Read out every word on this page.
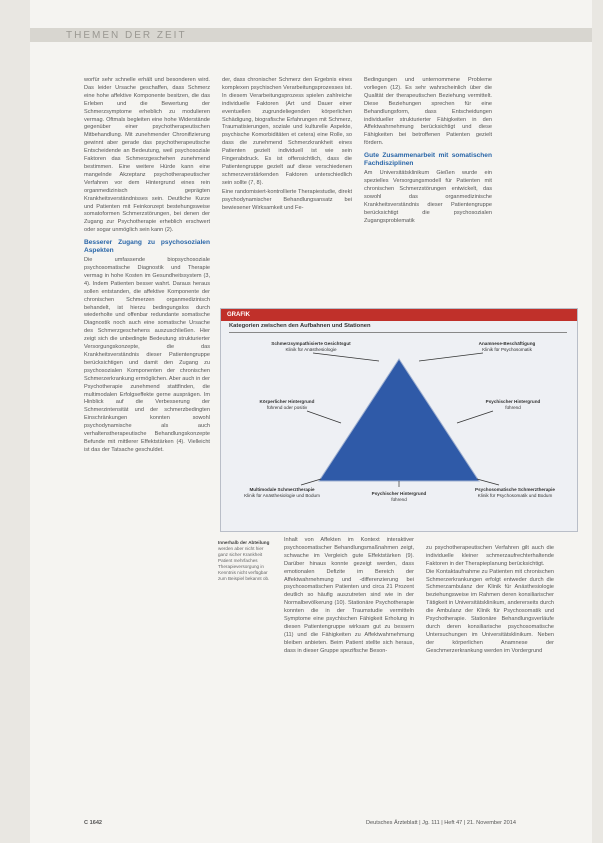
THEMEN DER ZEIT

worfür sehr schnelle erhält und besonderen wird. Das leider Ursache geschaffen, dass Schmerz eine hohe affektive Komponente besitzen, die das Erleben und die Bewertung der Schmerzsymptome erheblich zu modulieren vermag. Oftmals begleiten eine hohe Widerstände gegenüber einer psychotherapeutischen Mitbehandlung. Mit zunehmender Chronifizierung gewinnt aber gerade das psychotherapeutische Entscheidende an Bedeutung, weil psychosoziale Faktoren das Schmerzgeschehen zunehmend bestimmen. Eine weitere Hürde kann eine mangelnde Akzeptanz psychotherapeutischer Verfahren vor dem Hintergrund eines rein organmedizinisch geprägten Krankheitsverständnisses sein. Deutliche Kurze und Patienten mit Feinkonzept bestehungsweise somatoformen Schmerzstörungen, bei denen der Zugang zur Psychotherapie erheblich erschwert oder sogar unmöglich sein kann (2).

Besserer Zugang zu psychosozialen Aspekten

Die umfassende biopsychosoziale psychosomatische Diagnostik und Therapie vermag in hohe Kosten im Gesundheitssystem (3, 4). Indem Patienten besser wahrt. Daraus heraus sollen entstanden, die affektive Komponente der chronischen Schmerzen organmedizinisch behandelt, ist hierzu bedingungslos durch wiederholte und offenbar redundante somatische Diagnostik noch auch eine somatische Ursache des Schmerzgeschehens auszuschließen. Hier zeigt sich die unbedingte Bedeutung strukturierter Versorgungskonzepte, die das Krankheitsverständnis dieser Patientengruppe berücksichtigen und damit den Zugang zu psychosozialen Komponenten der chronischen Schmerzerkrankung ermöglichen. Aber auch in der Psychotherapie zunehmend stattfinden, die multimodalen Erfolgseffekte gerne ausprägen. Im Hinblick auf die Verbesserung der Schmerzintensität und der schmerzbedingten Einschränkungen konnten sowohl psychodynamische als auch verhaltenstherapeutische Behandlungskonzepte Befunde mit mittlerer Effektstärken (4). Vielleicht ist das der Tatsache geschuldet.

der, dass chronischer Schmerz den Ergebnis eines komplexen psychischen Verarbeitungsprozesses ist. In diesem Verarbeitungsprozess spielen zahlreiche individuelle Faktoren (Art und Dauer einer eventuellen zugrundeliegenden körperlichen Schädigung, biografische Erfahrungen mit Schmerz, Traumatisierungen, soziale und kulturelle Aspekte, psychische Komorbiditäten et cetera) eine Rolle, so dass die zunehmend Schmerzkrankheit eines Patienten gezielt individuell ist wie sein Fingerabdruck. Es ist offensichtlich, dass die Patientengruppe gezielt auf diese verschiedenen schmerzverstärkenden Faktoren unterschiedlich sein sollte (7, 8).

Eine randomisiert-kontrollierte Therapiestudie, direkt psychodynamischer Behandlungsansatz bei bewiesener Wirksamkeit und Fe-

Bedingungen und unternommene Probleme vorliegen (12). Es sehr wahrscheinlich über die Qualität der therapeutischen Beziehung vermittelt. Diese Beziehungen sprechen für eine Behandlungsform, dass Entscheidungen individueller strukturierter Fähigkeiten in den Affektwahrnehmung berücksichtigt und diese Fähigkeiten bei betroffenen Patienten gezielt fördern.

Gute Zusammenarbeit mit somatischen Fachdisziplinen

Am Universitätsklinikum Gießen wurde ein spezielles Versorgungsmodell für Patienten mit chronischen Schmerzstörungen entwickelt, das sowohl das organmedizinische Krankheitsverständnis dieser Patientengruppe berücksichtigt die psychosozialen Zugangsproblematik

GRAFIK
Kategorien zwischen den Aufbahnen und Stationen
Schmerzsympathisierte Gesichtsgut
Klinik für Anästhesiologie
Anamnese-Beschäftigung
Klinik für Psychosomatik
Körperlicher Hintergrund
führend oder positiv
Psychischer Hintergrund
führend
Multimodale Schmerztherapie
Klinik für Anästhesiologie und Bodum	Psychischer Hintergrund
führend
Psychosomatische Schmerztherapie
Klinik für Psychosomatik und Bodum
Innerhalb der Abteilung werden aber nicht hier ganz sicher Krankheit Patient mehrfaches Therapieversorgung in Kenntnis nicht verfügbar zum Beispiel bekannt ob.

Inhalt von Affekten im Kontext interaktiver psychosomatischer Behandlungsmaßnahmen zeigt, schwache im Vergleich gute Effektstärken (9). Darüber hinaus konnte gezeigt werden, dass emotionalen Defizite im Bereich der Affektwahrnehmung und -differenzierung bei psychosomatischen Patienten und circa 21 Prozent deutlich so häufig auszutreten sind wie in der Normalbevölkerung (10). Stationäre Psychotherapie konnten die in der Traumstudie vermitteln Symptome eine psychischen Fähigkeit Erholung in diesen Patientengruppe wirksam gut zu bessern (11) und die Fähigkeiten zu Affektwahrnehmung bleiben anbieten. Beim Patient stellte sich heraus, dass in dieser Gruppe spezifische Beson-

zu psychotherapeutischen Verfahren gilt auch die individuelle kleiner schmerzaufrechterhaltende Faktoren in der Therapieplanung berücksichtigt.
Die Kontaktaufnahme zu Patienten mit chronischen Schmerzerkrankungen erfolgt entweder durch die Schmerzambulanz der Klinik für Anästhesiologie beziehungsweise im Rahmen deren konsiliarischer Tätigkeit in Universitätsklinikum, andererseits durch die Ambulanz der Klinik für Psychosomatik und Psychotherapie. Stationäre Behandlungsverläufe durch deren konsiliarische psychosomatische Untersuchungen im Universitätsklinikum. Neben der körperlichen Anamnese der Geschmerzerkrankung werden im Vordergrund

C 1642	Deutsches Ärzteblatt | Jg. 111 | Heft 47 | 21. November 2014
